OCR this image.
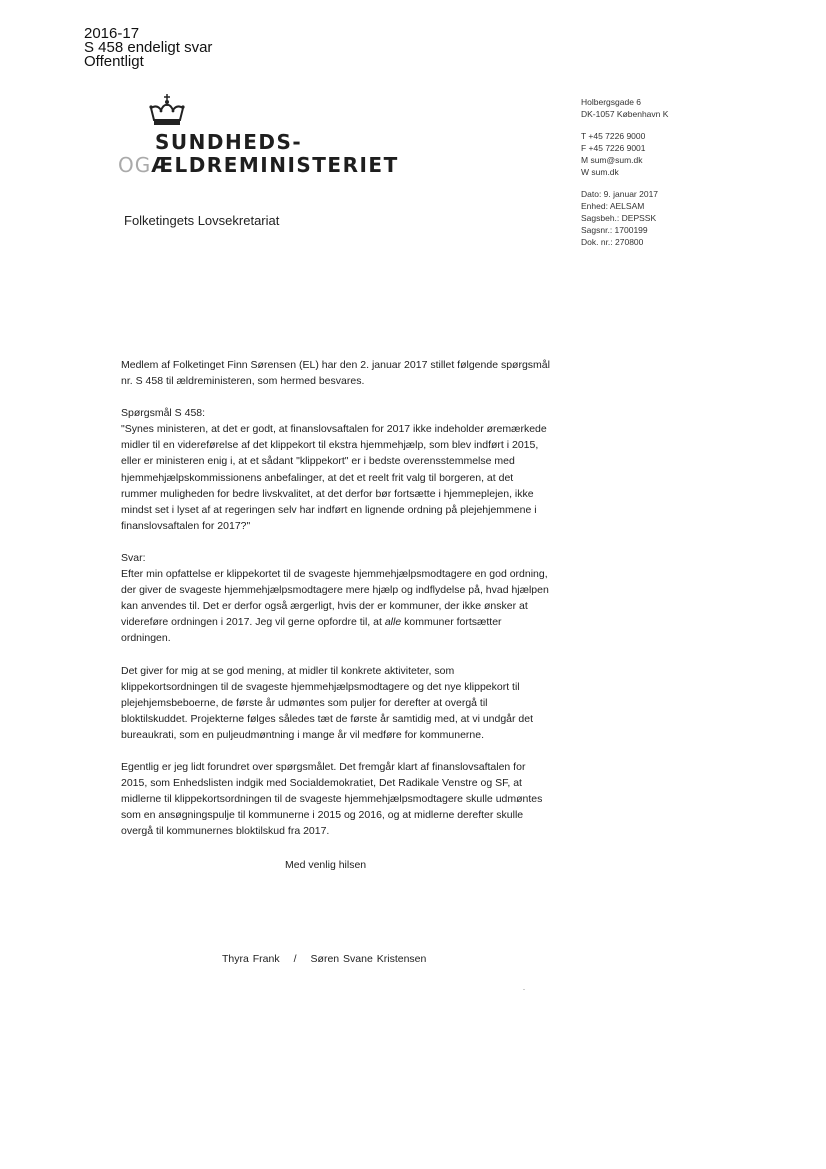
2016-17
S 458 endeligt svar
Offentligt
SUNDHEDS-
OGÆLDREMINISTERIET
Folketingets Lovsekretariat
Holbergsgade 6
DK-1057 København K
T +45 7226 9000
F +45 7226 9001
M sum@sum.dk
W sum.dk
Dato: 9. januar 2017
Enhed: AELSAM
Sagsbeh.: DEPSSK
Sagsnr.: 1700199
Dok. nr.: 270800

Medlem af Folketinget Finn Sørensen (EL) har den 2. januar 2017 stillet følgende spørgsmål nr. S 458 til ældreministeren, som hermed besvares.

Spørgsmål S 458:

"Synes ministeren, at det er godt, at finanslovsaftalen for 2017 ikke indeholder øremærkede midler til en videreførelse af det klippekort til ekstra hjemmehjælp, som blev indført i 2015, eller er ministeren enig i, at et sådant "klippekort" er i bedste overensstemmelse med hjemmehjælpskommissionens anbefalinger, at det et reelt frit valg til borgeren, at det rummer muligheden for bedre livskvalitet, at det derfor bør fortsætte i hjemmeplejen, ikke mindst set i lyset af at regeringen selv har indført en lignende ordning på plejehjemmene i finanslovsaftalen for 2017?"

Svar:

Efter min opfattelse er klippekortet til de svageste hjemmehjælpsmodtagere en god ordning, der giver de svageste hjemmehjælpsmodtagere mere hjælp og indflydelse på, hvad hjælpen kan anvendes til. Det er derfor også ærgerligt, hvis der er kommuner, der ikke ønsker at videreføre ordningen i 2017. Jeg vil gerne opfordre til, at alle kommuner fortsætter ordningen.

Det giver for mig at se god mening, at midler til konkrete aktiviteter, som klippekortsordningen til de svageste hjemmehjælpsmodtagere og det nye klippekort til plejehjemsbeboerne, de første år udmøntes som puljer for derefter at overgå til bloktilskuddet. Projekterne følges således tæt de første år samtidig med, at vi undgår det bureaukrati, som en puljeudmøntning i mange år vil medføre for kommunerne.

Egentlig er jeg lidt forundret over spørgsmålet. Det fremgår klart af finanslovsaftalen for 2015, som Enhedslisten indgik med Socialdemokratiet, Det Radikale Venstre og SF, at midlerne til klippekortsordningen til de svageste hjemmehjælpsmodtagere skulle udmøntes som en ansøgningspulje til kommunerne i 2015 og 2016, og at midlerne derefter skulle overgå til kommunernes bloktilskud fra 2017.

Med venlig hilsen
Thyra Frank / Søren Svane Kristensen
